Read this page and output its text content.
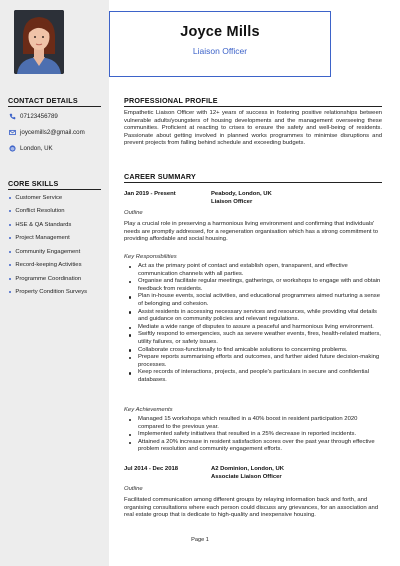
CONTACT DETAILS
07123456789
joycemills2@gmail.com
London, UK
CORE SKILLS
Customer Service
Conflict Resolution
HSE & QA Standards
Project Management
Community Engagement
Record-keeping Activities
Programme Coordination
Property Condition Surveys
Joyce Mills
Liaison Officer
PROFESSIONAL PROFILE
Empathetic Liaison Officer with 12+ years of success in fostering positive relationships between vulnerable adults/youngsters of housing developments and the management overseeing these communities. Proficient at reacting to crises to ensure the safety and well-being of residents. Passionate about getting involved in planned works programmes to minimise disruptions and prevent projects from falling behind schedule and exceeding budgets.
CAREER SUMMARY
Jan 2019 - Present	Peabody, London, UK
Liaison Officer
Outline
Play a crucial role in preserving a harmonious living environment and confirming that individuals' needs are promptly addressed, for a regeneration organisation which has a strong commitment to providing affordable and social housing.
Key Responsibilities
Act as the primary point of contact and establish open, transparent, and effective communication channels with all parties.
Organise and facilitate regular meetings, gatherings, or workshops to engage with and obtain feedback from residents.
Plan in-house events, social activities, and educational programmes aimed nurturing a sense of belonging and cohesion.
Assist residents in accessing necessary services and resources, while providing vital details and guidance on community policies and relevant regulations.
Mediate a wide range of disputes to assure a peaceful and harmonious living environment.
Swiftly respond to emergencies, such as severe weather events, fires, health-related matters, utility failures, or safety issues.
Collaborate cross-functionally to find amicable solutions to concerning problems.
Prepare reports summarising efforts and outcomes, and further aided future decision-making processes.
Keep records of interactions, projects, and people's particulars in secure and confidential databases.
Key Achievements
Managed 15 workshops which resulted in a 40% boost in resident participation 2020 compared to the previous year.
Implemented safety initiatives that resulted in a 25% decrease in reported incidents.
Attained a 20% increase in resident satisfaction scores over the past year through effective problem resolution and community engagement efforts.
Jul 2014 - Dec 2018	A2 Dominion, London, UK
Associate Liaison Officer
Outline
Facilitated communication among different groups by relaying information back and forth, and organising consultations where each person could discuss any grievances, for an association and real estate group that is dedicate to high-quality and inexpensive housing.
Page 1
